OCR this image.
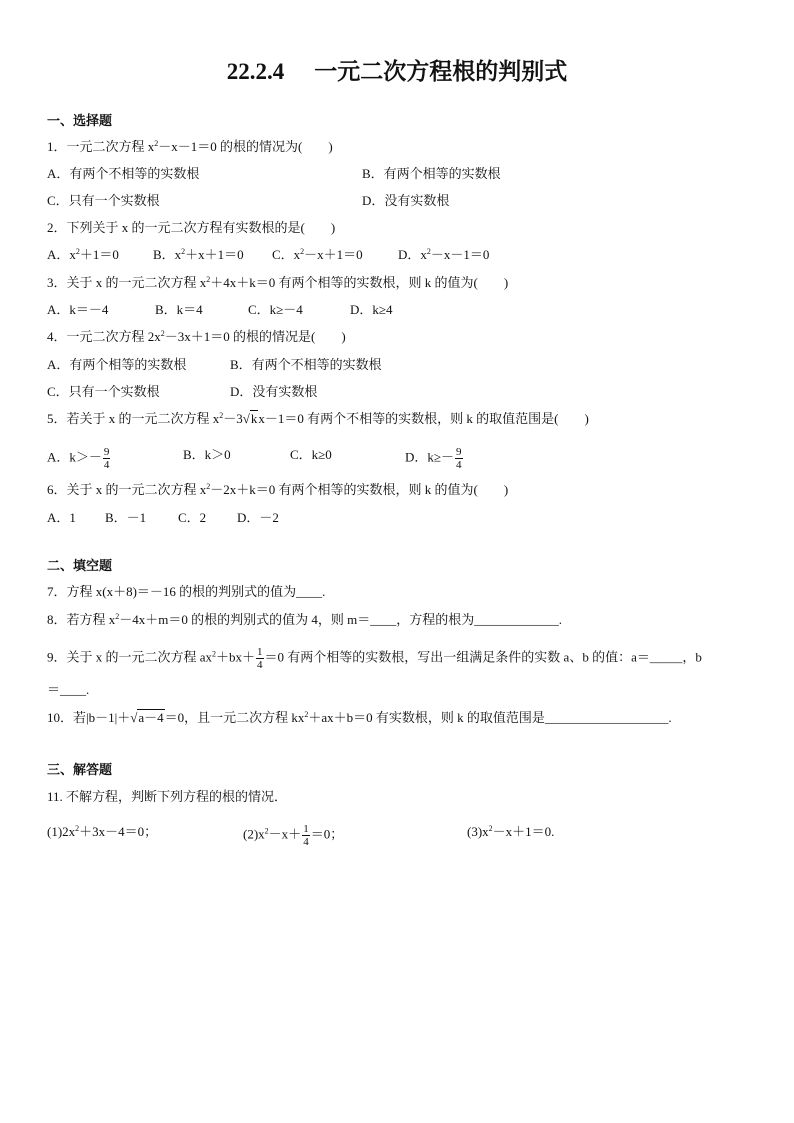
22.2.4 一元二次方程根的判别式
一、选择题
1．一元二次方程 $x^2-x-1=0$ 的根的情况为(　　)
A．有两个不相等的实数根	B．有两个相等的实数根
C．只有一个实数根	D．没有实数根
2．下列关于 x 的一元二次方程有实数根的是(　　)
A．$x^2+1=0$	B．$x^2+x+1=0$ C．$x^2-x+1=0$	D．$x^2-x-1=0$
3．关于 x 的一元二次方程 $x^2+4x+k=0$ 有两个相等的实数根，则 k 的值为(　　)
A．k＝－4	B．k＝4	C．k≥－4	D．k≥4
4．一元二次方程 $2x^2-3x+1=0$ 的根的情况是(　　)
A．有两个相等的实数根	B．有两个不相等的实数根
C．只有一个实数根	D．没有实数根
5．若关于 x 的一元二次方程 $x^2-3√$ kx－1＝0 有两个不相等的实数根，则 k 的取值范围是(　　)
A．$k>- \frac{9}{4}$	B．k＞0	C．k≥0	D．$k\ge- \frac{9}{4}$
6．关于 x 的一元二次方程 $x^2-2x+k=0$ 有两个相等的实数根，则 k 的值为(　　)
A．1 B．－1 C．2 D．－2
二、填空题
7．方程 x(x＋8)＝－16 的根的判别式的值为____.
8．若方程 $x^2-4x+m=0$ 的根的判别式的值为 4，则 m＝____，方程的根为_____________.
9．关于 x 的一元二次方程 $ax^2+bx+ \frac{1}{4} =0$ 有两个相等的实数根，写出一组满足条件的实数 a、b 的值：a＝_____，b
＝____.
10．若|b－1|＋√ a－4＝0，且一元二次方程 $kx^2+ax+b=0$ 有实数根，则 k 的取值范围是___________________.
三、解答题
11. 不解方程，判断下列方程的根的情况．
$(1)2x^2+3x-4=0$；	$(2)x^2-x+ \frac{1}{4} =0$；	$(3)x^2-x+1=0$.
